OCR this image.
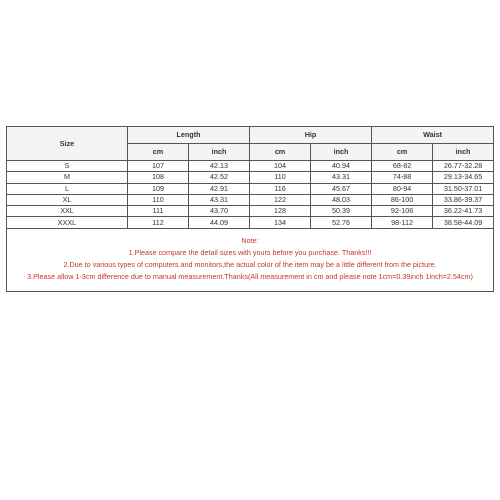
Size	Length		Hip		Waist	
	cm	inch	cm	inch	cm	inch
S	107	42.13	104	40.94	68-82	26.77-32.28
M	108	42.52	110	43.31	74-88	29.13-34.65
L	109	42.91	116	45.67	80-94	31.50-37.01
XL	110	43.31	122	48.03	86-100	33.86-39.37
XXL	111	43.70	128	50.39	92-106	36.22-41.73
XXXL	112	44.09	134	52.76	98-112	38.58-44.09

Note:
1.Please compare the detail sizes with yours before you purchase. Thanks!!!
2.Due to various types of computers and monitors,the actual color of the item may be a little different from the picture.
3.Please allow 1-3cm difference due to manual measurement.Thanks(All measurement in cm and please note 1cm=0.39inch 1inch=2.54cm)						
